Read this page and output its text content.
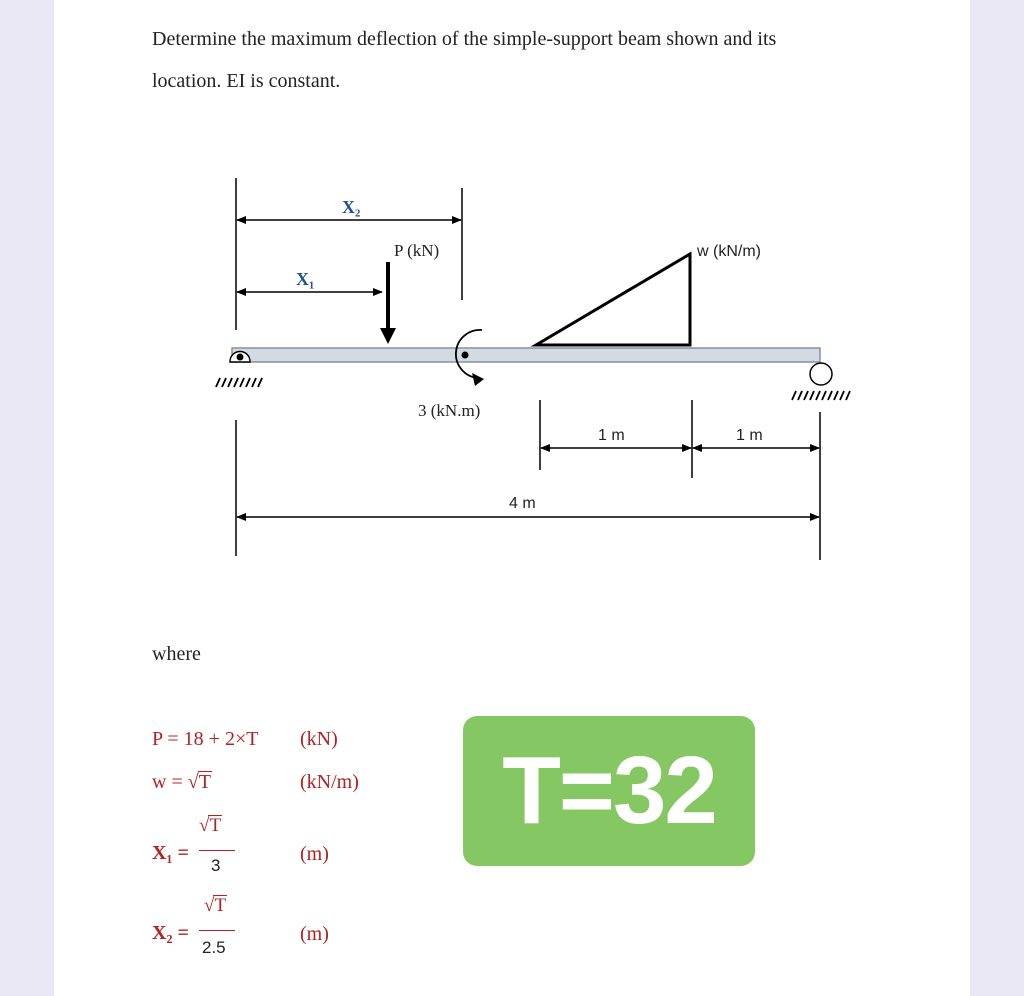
Determine the maximum deflection of the simple-support beam shown and its
location. EI is constant.
X₂
X₁
P (kN)	w (kN/m)
3 (kN.m)
1 m	1 m
4 m
where
P = 18 + 2×T (kN)
w = √T	(kN/m)
X₁ =
√T
3
(m)
X₂ =
√T
2.5
(m)
T=32
